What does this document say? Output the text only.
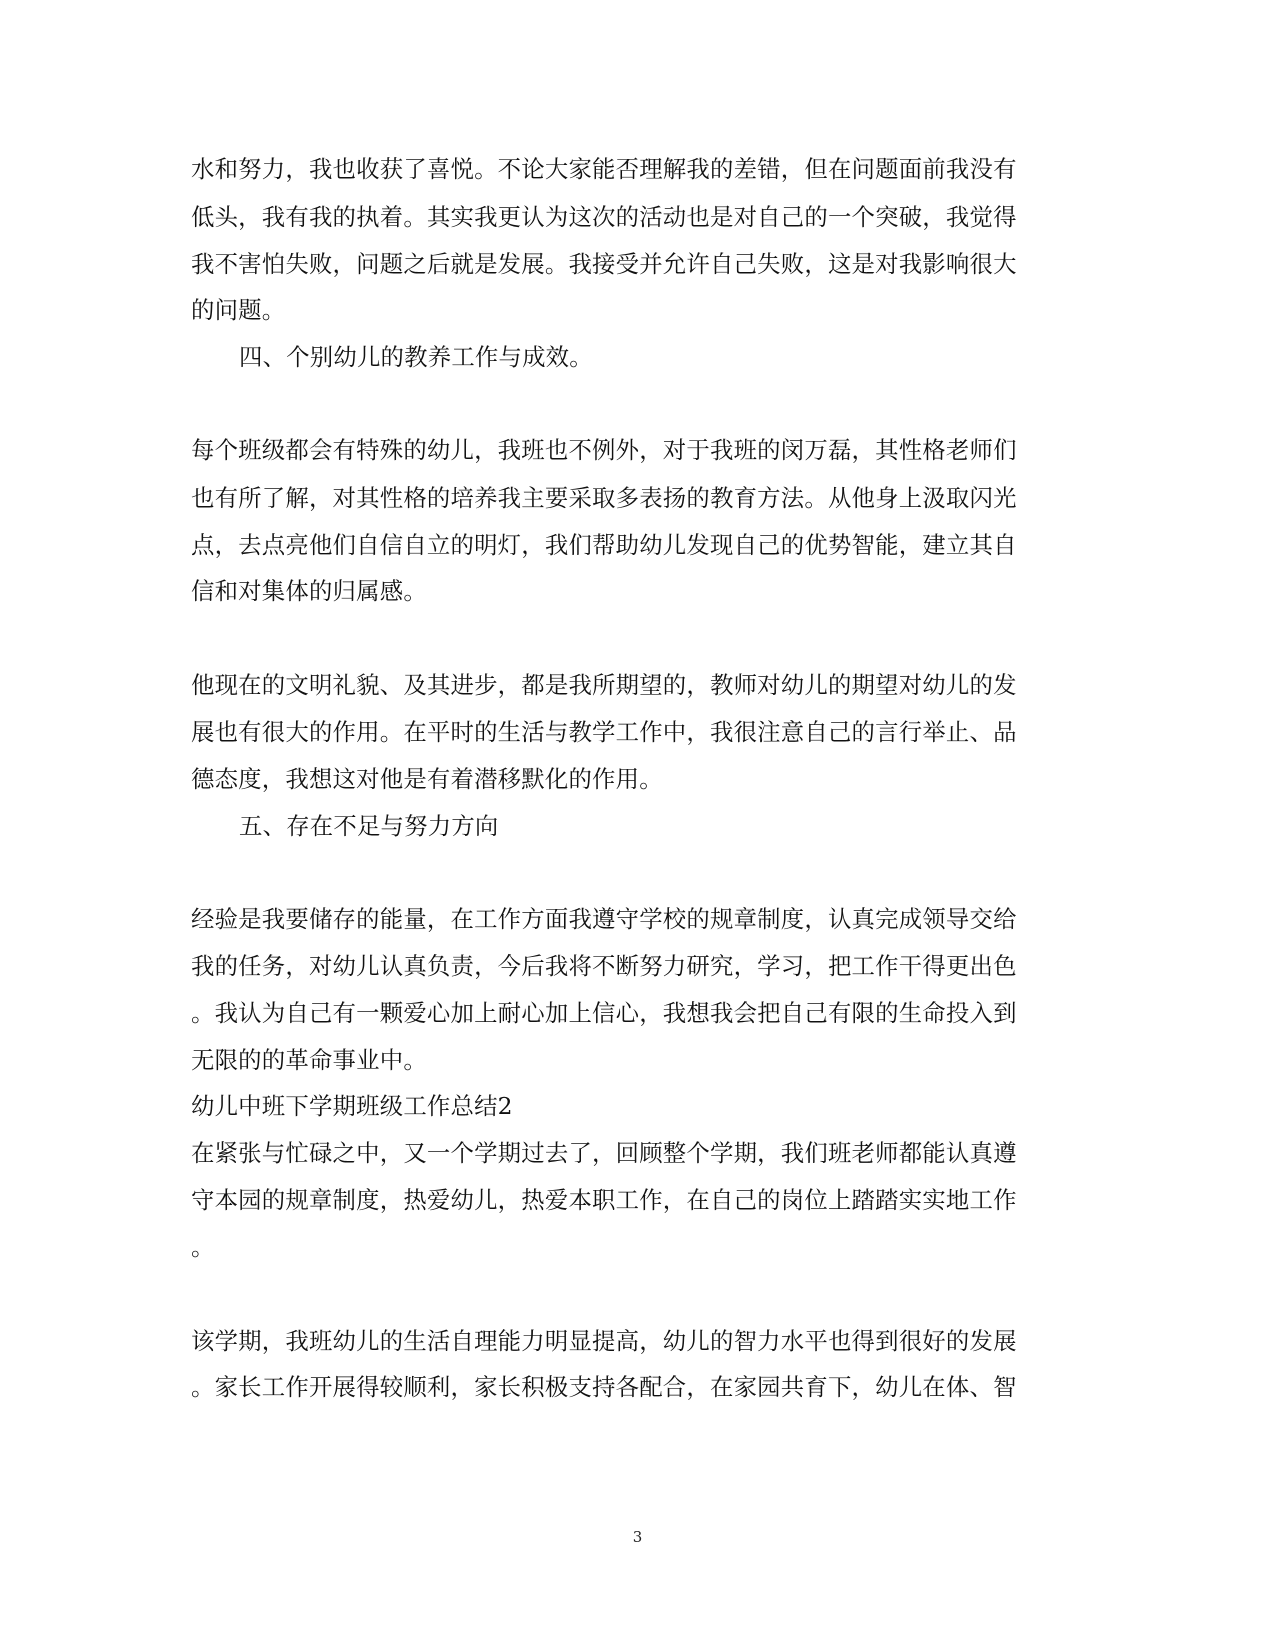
水和努力，我也收获了喜悦。不论大家能否理解我的差错，但在问题面前我没有
低头，我有我的执着。其实我更认为这次的活动也是对自己的一个突破，我觉得
我不害怕失败，问题之后就是发展。我接受并允许自己失败，这是对我影响很大
的问题。
四、个别幼儿的教养工作与成效。
每个班级都会有特殊的幼儿，我班也不例外，对于我班的闵万磊，其性格老师们
也有所了解，对其性格的培养我主要采取多表扬的教育方法。从他身上汲取闪光
点，去点亮他们自信自立的明灯，我们帮助幼儿发现自己的优势智能，建立其自
信和对集体的归属感。
他现在的文明礼貌、及其进步，都是我所期望的，教师对幼儿的期望对幼儿的发
展也有很大的作用。在平时的生活与教学工作中，我很注意自己的言行举止、品
德态度，我想这对他是有着潜移默化的作用。
五、存在不足与努力方向
经验是我要储存的能量，在工作方面我遵守学校的规章制度，认真完成领导交给
我的任务，对幼儿认真负责，今后我将不断努力研究，学习，把工作干得更出色
。我认为自己有一颗爱心加上耐心加上信心，我想我会把自己有限的生命投入到
无限的的革命事业中。
幼儿中班下学期班级工作总结2
在紧张与忙碌之中，又一个学期过去了，回顾整个学期，我们班老师都能认真遵
守本园的规章制度，热爱幼儿，热爱本职工作，在自己的岗位上踏踏实实地工作
。
该学期，我班幼儿的生活自理能力明显提高，幼儿的智力水平也得到很好的发展
。家长工作开展得较顺利，家长积极支持各配合，在家园共育下，幼儿在体、智
3
